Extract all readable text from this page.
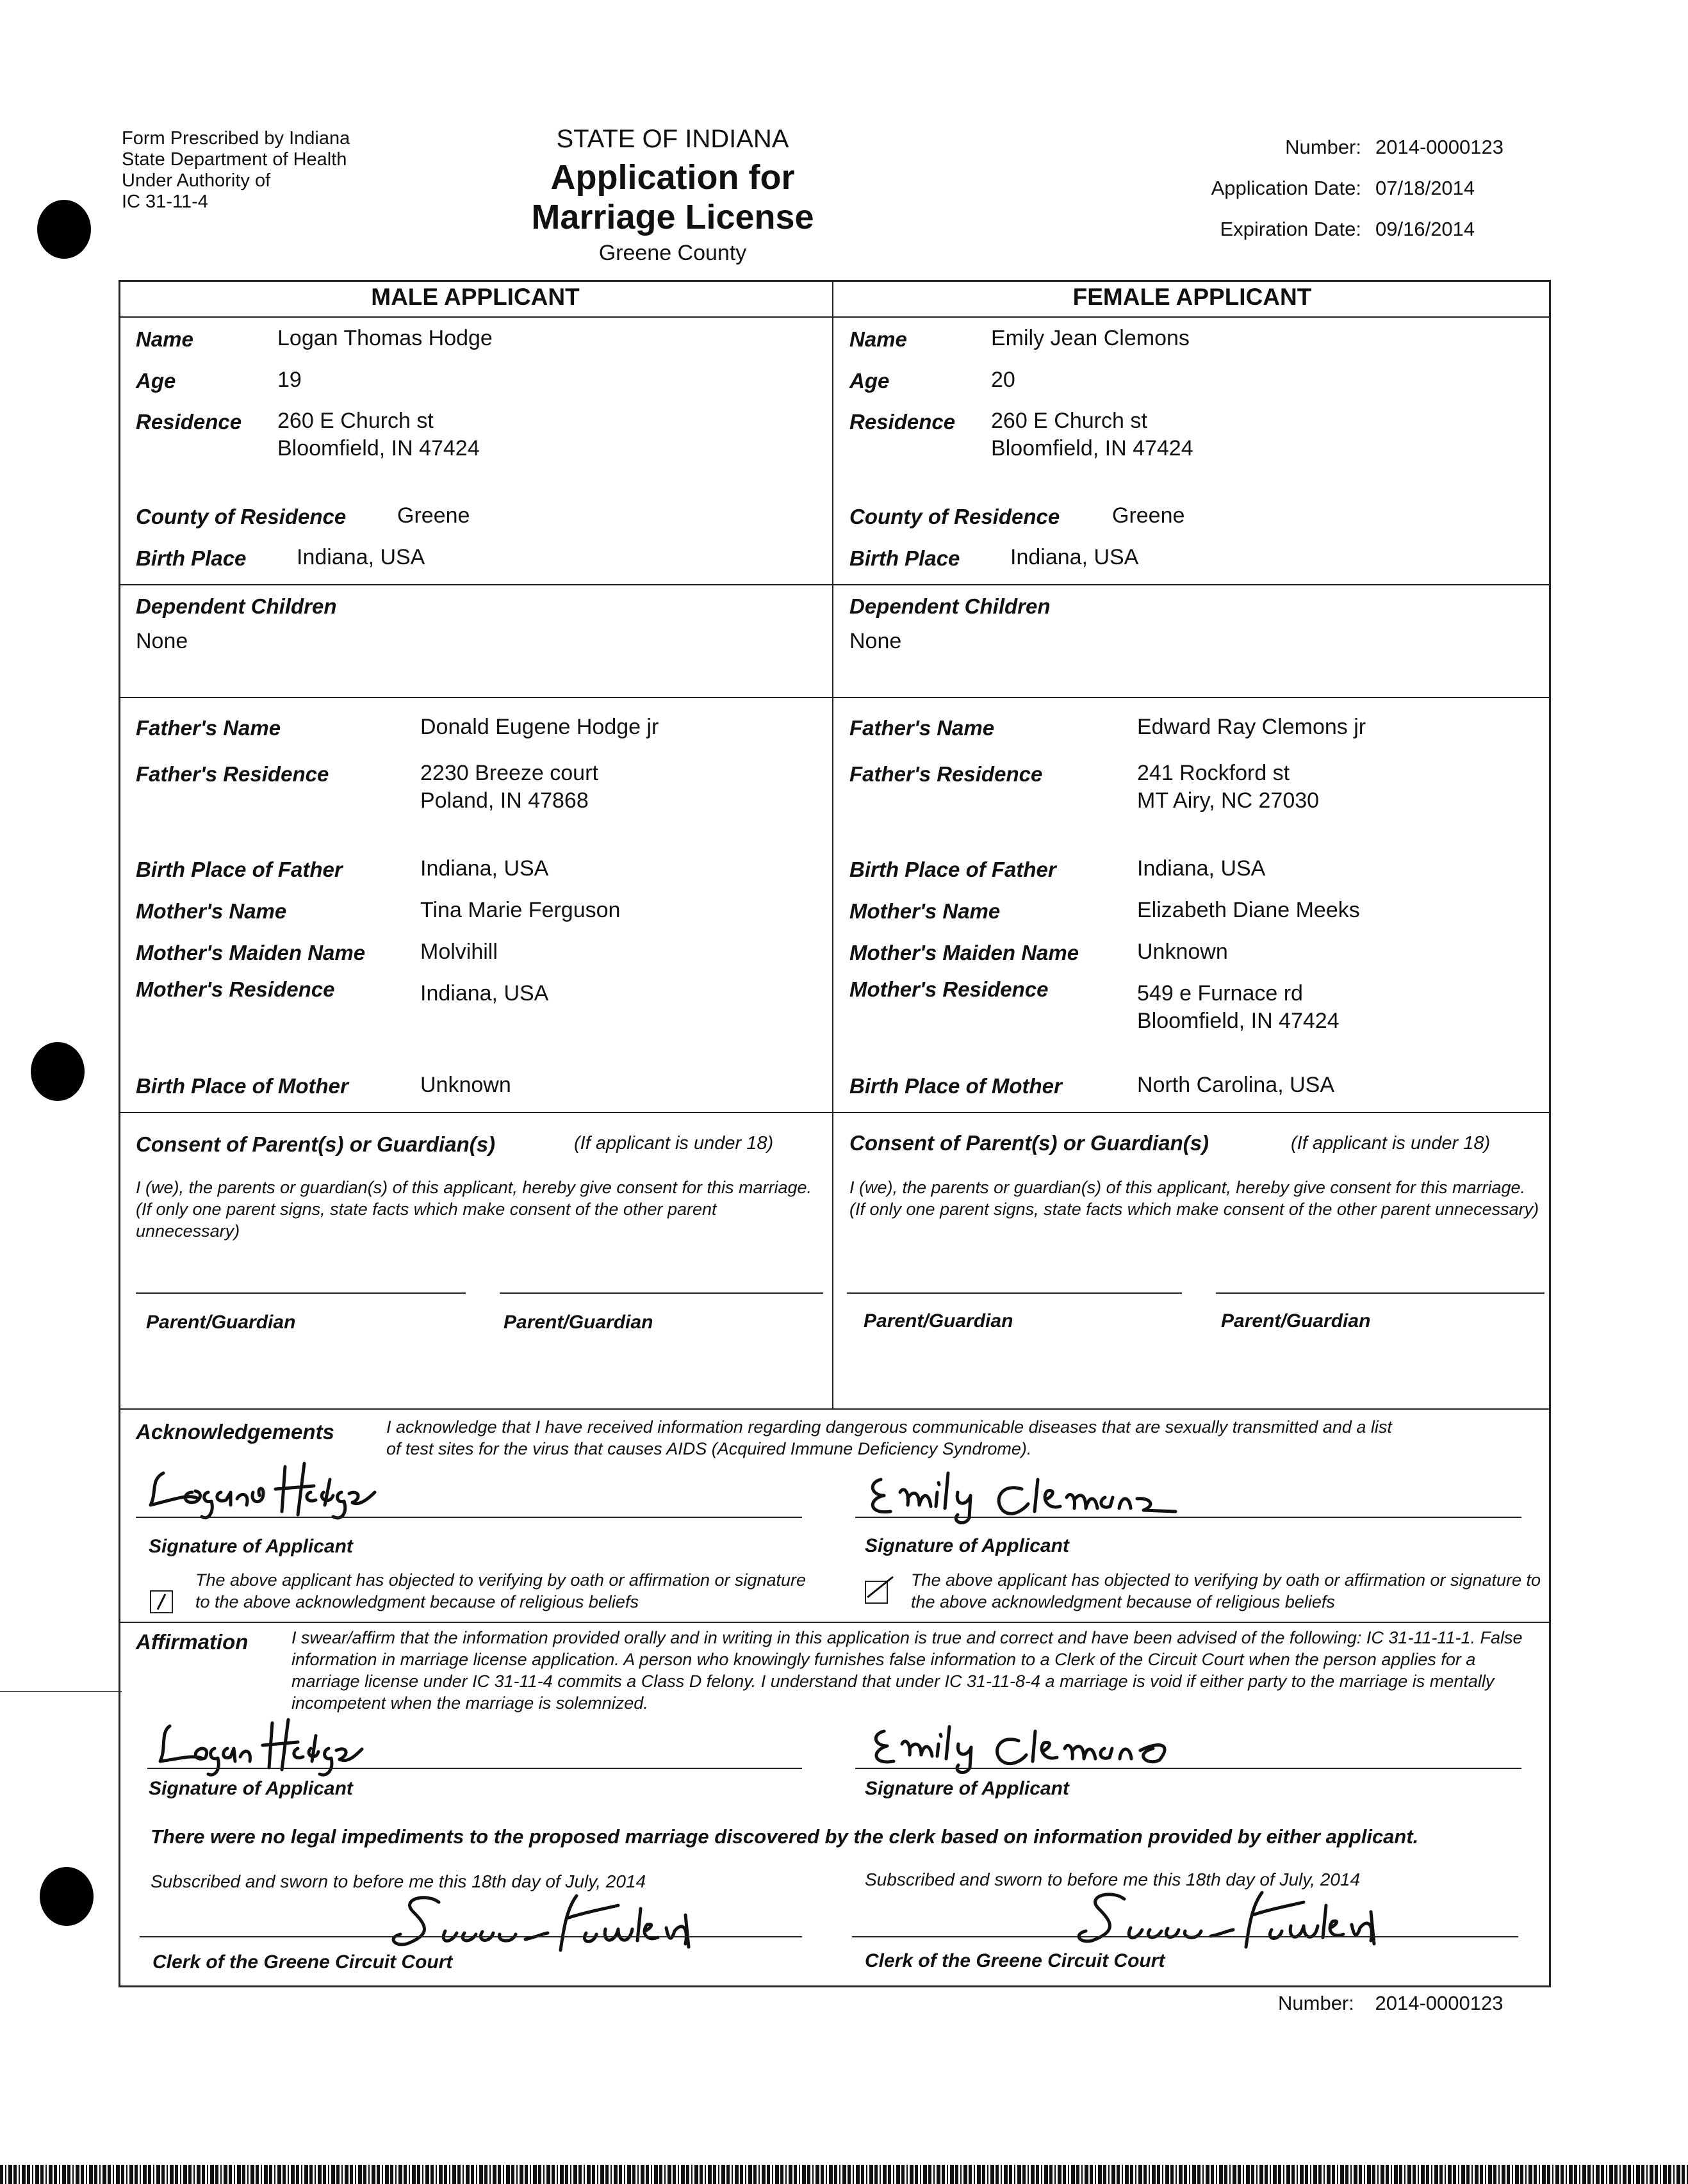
Form Prescribed by Indiana
State Department of Health
Under Authority of
IC 31-11-4
STATE OF INDIANA
Application for Marriage License
Greene County
Number: 2014-0000123
Application Date: 07/18/2014
Expiration Date: 09/16/2014
MALE APPLICANT	FEMALE APPLICANT
Name	Logan Thomas Hodge
Age	19
Residence 260 E Church st
Bloomfield, IN 47424
County of Residence Greene
Birth Place Indiana, USA
Dependent Children
None
Father's Name	Donald Eugene Hodge jr
Father's Residence	2230 Breeze court
Poland, IN 47868
Birth Place of Father	Indiana, USA
Mother's Name	Tina Marie Ferguson
Mother's Maiden Name	Molvihill
Mother's Residence	Indiana, USA
Birth Place of Mother	Unknown
Name	Emily Jean Clemons
Age	20
Residence 260 E Church st
Bloomfield, IN 47424
County of Residence Greene
Birth Place Indiana, USA
Dependent Children
None
Father's Name	Edward Ray Clemons jr
Father's Residence	241 Rockford st
MT Airy, NC 27030
Birth Place of Father	Indiana, USA
Mother's Name	Elizabeth Diane Meeks
Mother's Maiden Name	Unknown
Mother's Residence	549 e Furnace rd
Bloomfield, IN 47424
Birth Place of Mother	North Carolina, USA
Consent of Parent(s) or Guardian(s)	(If applicant is under 18)
I (we), the parents or guardian(s) of this applicant, hereby give consent for this marriage. (If only one parent signs, state facts which make consent of the other parent unnecessary)
Parent/Guardian	Parent/Guardian
Consent of Parent(s) or Guardian(s)	(If applicant is under 18)
I (we), the parents or guardian(s) of this applicant, hereby give consent for this marriage. (If only one parent signs, state facts which make consent of the other parent unnecessary)
Parent/Guardian	Parent/Guardian
Acknowledgements	I acknowledge that I have received information regarding dangerous communicable diseases that are sexually transmitted and a list
of test sites for the virus that causes AIDS (Acquired Immune Deficiency Syndrome).
Signature of Applicant	Signature of Applicant
The above applicant has objected to verifying by oath or affirmation or signature to the above acknowledgment because of religious beliefs
The above applicant has objected to verifying by oath or affirmation or signature to the above acknowledgment because of religious beliefs
Affirmation	I swear/affirm that the information provided orally and in writing in this application is true and correct and have been advised of the following: IC 31-11-11-1. False information in marriage license application. A person who knowingly furnishes false information to a Clerk of the Circuit Court when the person applies for a marriage license under IC 31-11-4 commits a Class D felony. I understand that under IC 31-11-8-4 a marriage is void if either party to the marriage is mentally incompetent when the marriage is solemnized.
Signature of Applicant	Signature of Applicant
There were no legal impediments to the proposed marriage discovered by the clerk based on information provided by either applicant.
Subscribed and sworn to before me this 18th day of July, 2014	Subscribed and sworn to before me this 18th day of July, 2014
Clerk of the Greene Circuit Court	Clerk of the Greene Circuit Court
Number: 2014-0000123
